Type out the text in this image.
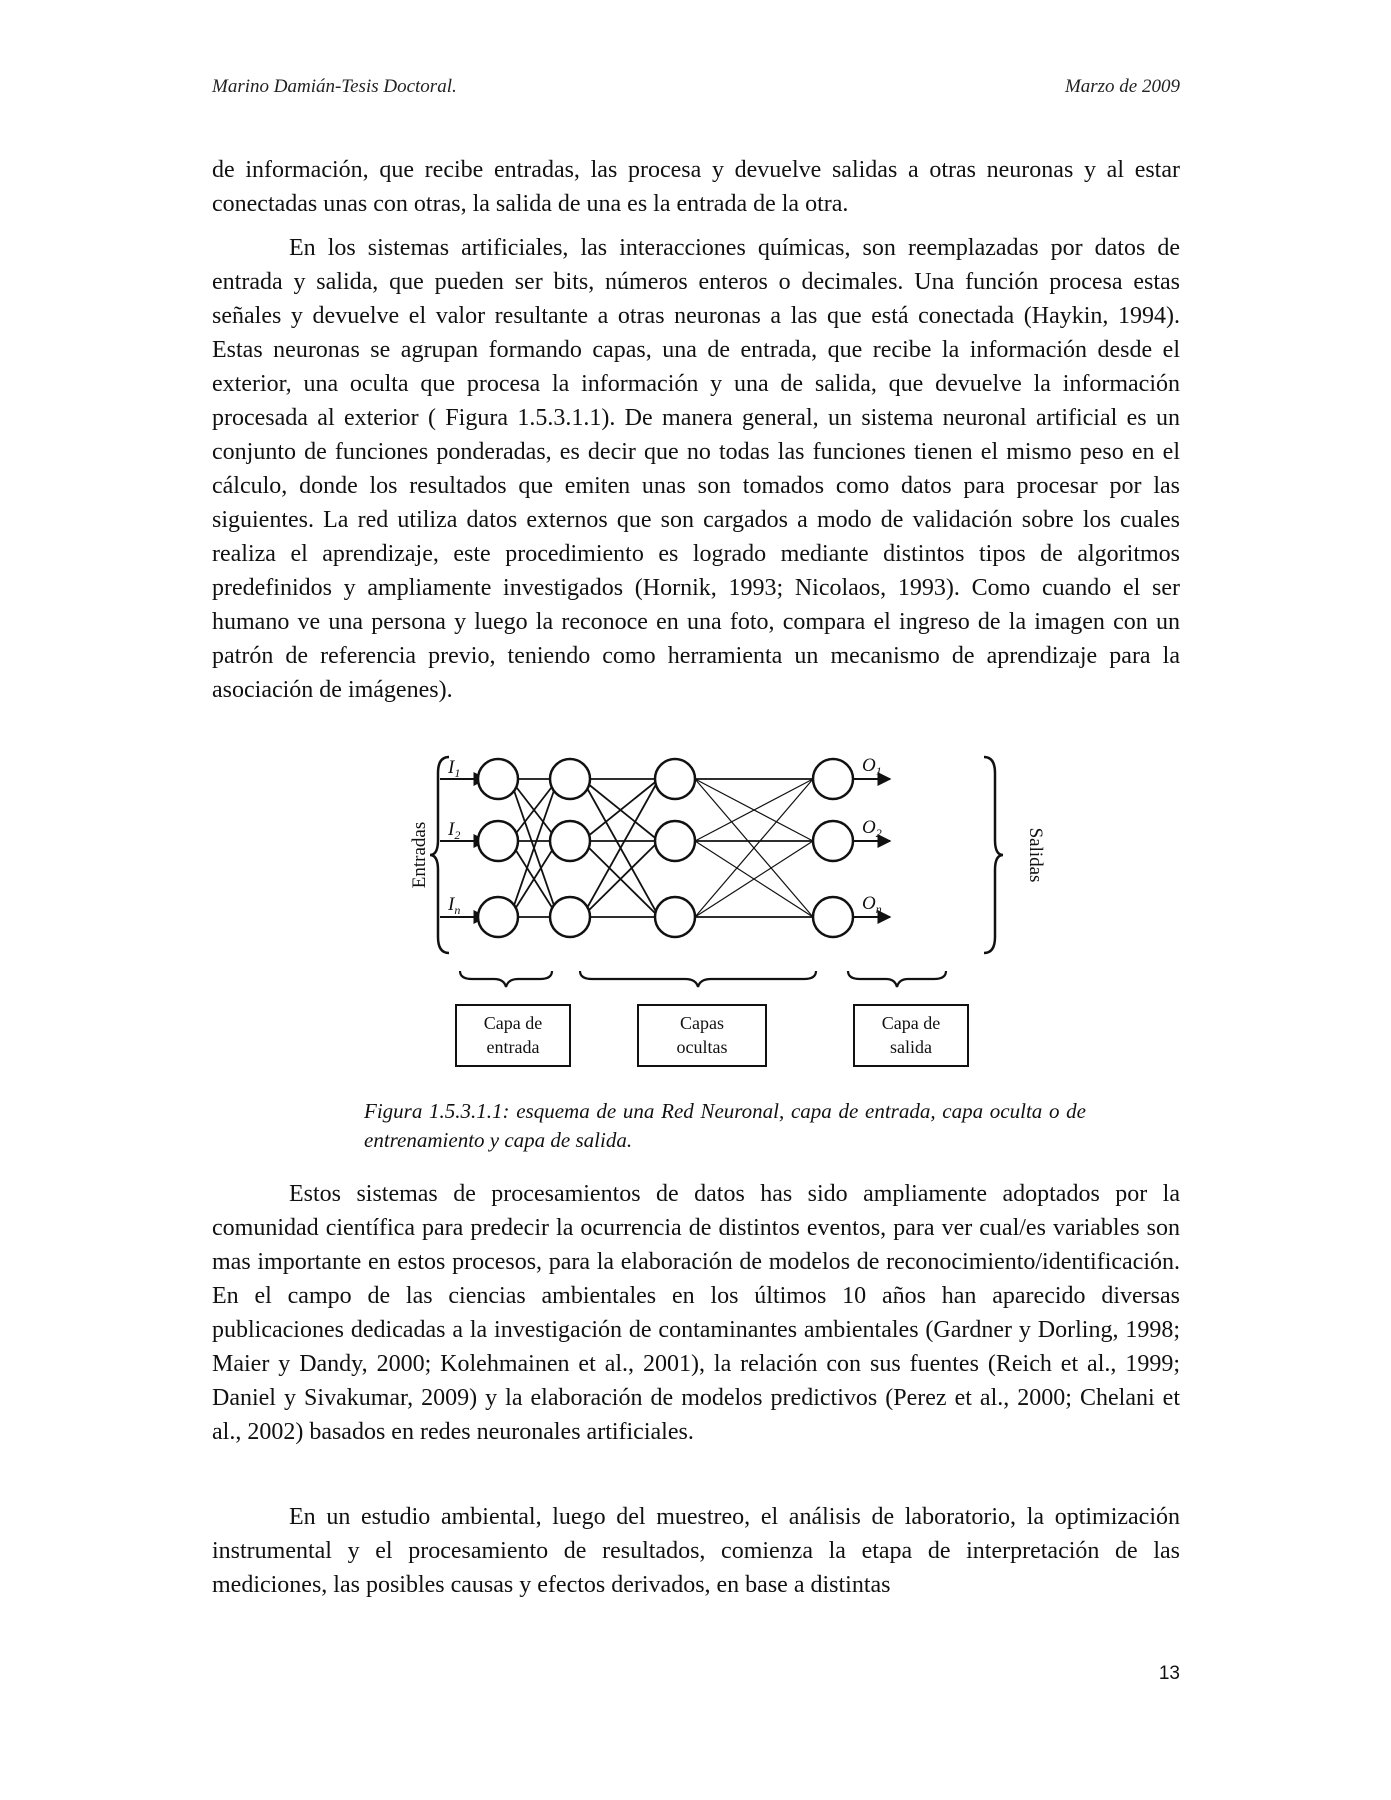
Marino Damián-Tesis Doctoral.	Marzo de 2009

de información, que recibe entradas, las procesa y devuelve salidas a otras neuronas y al estar conectadas unas con otras, la salida de una es la entrada de la otra.

En los sistemas artificiales, las interacciones químicas, son reemplazadas por datos de entrada y salida, que pueden ser bits, números enteros o decimales. Una función procesa estas señales y devuelve el valor resultante a otras neuronas a las que está conectada (Haykin, 1994). Estas neuronas se agrupan formando capas, una de entrada, que recibe la información desde el exterior, una oculta que procesa la información y una de salida, que devuelve la información procesada al exterior ( Figura 1.5.3.1.1). De manera general, un sistema neuronal artificial es un conjunto de funciones ponderadas, es decir que no todas las funciones tienen el mismo peso en el cálculo, donde los resultados que emiten unas son tomados como datos para procesar por las siguientes. La red utiliza datos externos que son cargados a modo de validación sobre los cuales realiza el aprendizaje, este procedimiento es logrado mediante distintos tipos de algoritmos predefinidos y ampliamente investigados (Hornik, 1993; Nicolaos, 1993). Como cuando el ser humano ve una persona y luego la reconoce en una foto, compara el ingreso de la imagen con un patrón de referencia previo, teniendo como herramienta un mecanismo de aprendizaje para la asociación de imágenes).

Entradas	Salidas
$I_1$
$I_2$
$I_n$
$O_1$
$O_2$
$O_n$
Capa de
entrada
Capas
ocultas
Capa de
salida

Figura 1.5.3.1.1: esquema de una Red Neuronal, capa de entrada, capa oculta o de entrenamiento y capa de salida.

Estos sistemas de procesamientos de datos has sido ampliamente adoptados por la comunidad científica para predecir la ocurrencia de distintos eventos, para ver cual/es variables son mas importante en estos procesos, para la elaboración de modelos de reconocimiento/identificación. En el campo de las ciencias ambientales en los últimos 10 años han aparecido diversas publicaciones dedicadas a la investigación de contaminantes ambientales (Gardner y Dorling, 1998; Maier y Dandy, 2000; Kolehmainen et al., 2001), la relación con sus fuentes (Reich et al., 1999; Daniel y Sivakumar, 2009) y la elaboración de modelos predictivos (Perez et al., 2000; Chelani et al., 2002) basados en redes neuronales artificiales.

En un estudio ambiental, luego del muestreo, el análisis de laboratorio, la optimización instrumental y el procesamiento de resultados, comienza la etapa de interpretación de las mediciones, las posibles causas y efectos derivados, en base a distintas

13
